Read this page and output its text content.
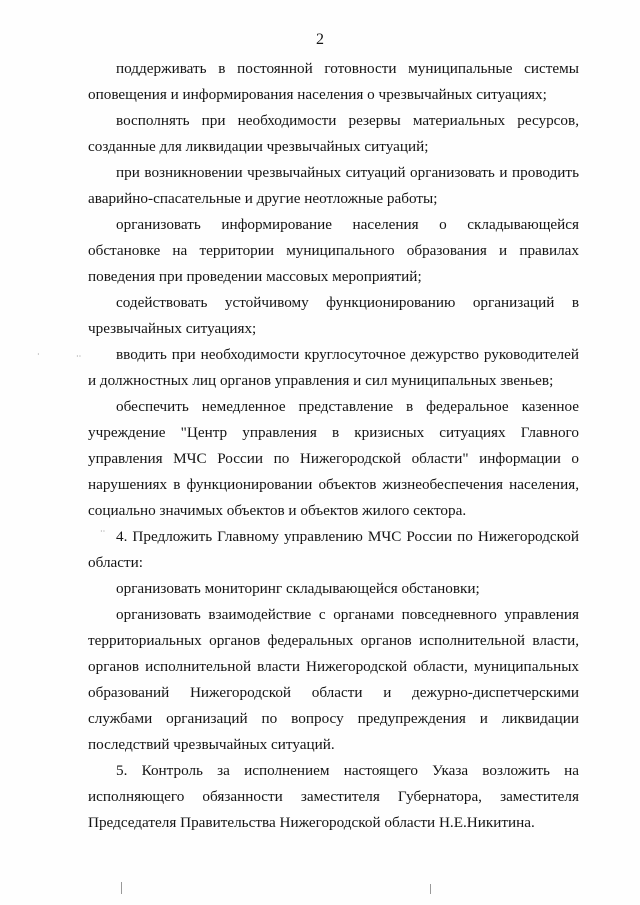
2

поддерживать в постоянной готовности муниципальные системы оповещения и информирования населения о чрезвычайных ситуациях;

восполнять при необходимости резервы материальных ресурсов, созданные для ликвидации чрезвычайных ситуаций;

при возникновении чрезвычайных ситуаций организовать и проводить аварийно-спасательные и другие неотложные работы;

организовать информирование населения о складывающейся обстановке на территории муниципального образования и правилах поведения при проведении массовых мероприятий;

содействовать устойчивому функционированию организаций в чрезвычайных ситуациях;

вводить при необходимости круглосуточное дежурство руководителей и должностных лиц органов управления и сил муниципальных звеньев;

обеспечить немедленное представление в федеральное казенное учреждение "Центр управления в кризисных ситуациях Главного управления МЧС России по Нижегородской области" информации о нарушениях в функционировании объектов жизнеобеспечения населения, социально значимых объектов и объектов жилого сектора.

4. Предложить Главному управлению МЧС России по Нижегородской области:

организовать мониторинг складывающейся обстановки;

организовать взаимодействие с органами повседневного управления территориальных органов федеральных органов исполнительной власти, органов исполнительной власти Нижегородской области, муниципальных образований Нижегородской области и дежурно-диспетчерскими службами организаций по вопросу предупреждения и ликвидации последствий чрезвычайных ситуаций.

5. Контроль за исполнением настоящего Указа возложить на исполняющего обязанности заместителя Губернатора, заместителя Председателя Правительства Нижегородской области Н.Е.Никитина.

·	··
··
